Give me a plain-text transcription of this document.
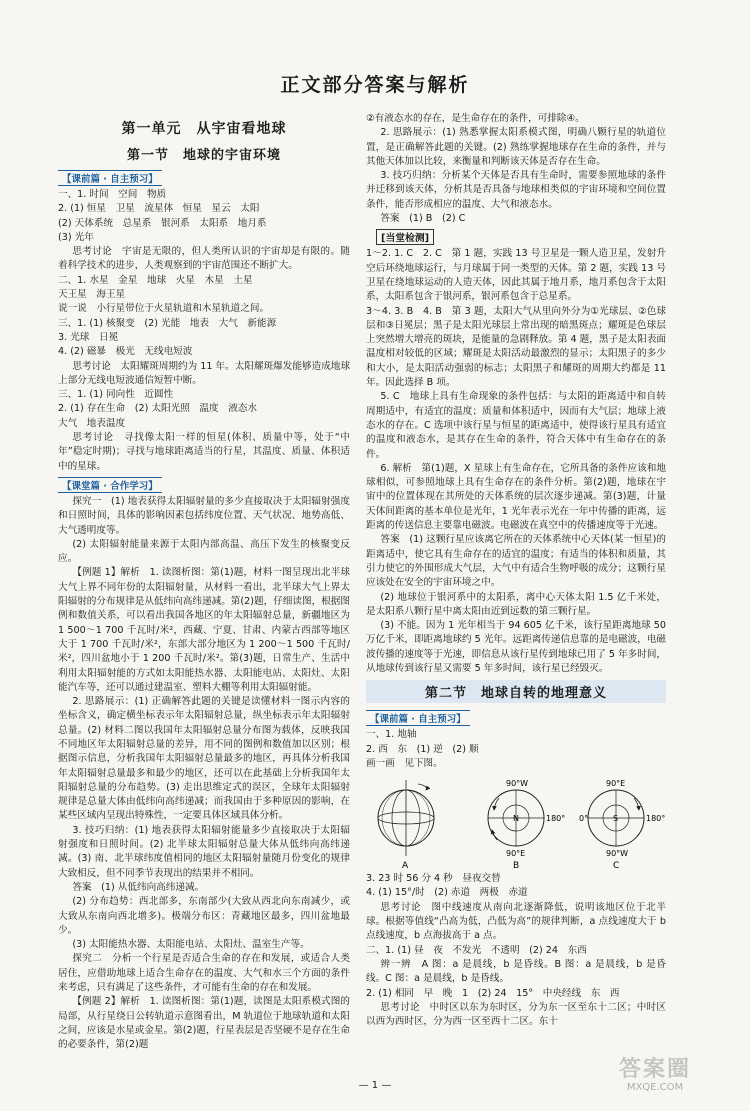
正文部分答案与解析
第一单元　从宇宙看地球
第一节　地球的宇宙环境
【课前篇 · 自主预习】

一、1. 时间　空间　物质

2. (1) 恒星　卫星　流星体　恒星　星云　太阳

(2) 天体系统　总星系　银河系　太阳系　地月系

(3) 光年

思考讨论　宇宙是无限的，但人类所认识的宇宙却是有限的。随着科学技术的进步，人类观察到的宇宙范围还不断扩大。

二、1. 水星　金星　地球　火星　木星　土星

天王星　海王星

说一说　小行星带位于火星轨道和木星轨道之间。

三、1. (1) 核聚变　(2) 光能　地表　大气　新能源

3. 光球　日冕

4. (2) 磁暴　极光　无线电短波

思考讨论　太阳耀斑周期约为 11 年。太阳耀斑爆发能够造成地球上部分无线电短波通信短暂中断。

三、1. (1) 同向性　近圆性

2. (1) 存在生命　(2) 太阳光照　温度　液态水

大气　地表温度

思考讨论　寻找像太阳一样的恒星(体积、质量中等，处于“中年”稳定时期)；寻找与地球距离适当的行星，其温度、质量、体积适中的星球。

【课堂篇 · 合作学习】

探究一　(1) 地表获得太阳辐射量的多少直接取决于太阳辐射强度和日照时间，具体的影响因素包括纬度位置、天气状况、地势高低、大气透明度等。

(2) 太阳辐射能量来源于太阳内部高温、高压下发生的核聚变反应。

【例题 1】解析　1. 读图析图：第(1)题，材料一图呈现出北半球大气上界不同年份的太阳辐射量，从材料一看出，北半球大气上界太阳辐射的分布规律是从低纬向高纬递减。第(2)题，仔细读图，根据图例和数值关系，可以看出我国各地区的年太阳辐射总量，新疆地区为 1 500～1 700 千瓦时/米²，西藏、宁夏、甘肃、内蒙古西部等地区大于 1 700 千瓦时/米²，东部大部分地区为 1 200～1 500 千瓦时/米²，四川盆地小于 1 200 千瓦时/米²。第(3)题，日常生产、生活中利用太阳辐射能的方式如太阳能热水器、太阳能电站、太阳灶、太阳能汽车等，还可以通过建温室、塑料大棚等利用太阳辐射能。

2. 思路展示：(1) 正确解答此题的关键是读懂材料一图示内容的坐标含义，确定横坐标表示年太阳辐射总量，纵坐标表示年太阳辐射总量。(2) 材料二图以我国年太阳辐射总量分布图为载体，反映我国不同地区年太阳辐射总量的差异，用不同的图例和数值加以区别；根据图示信息，分析我国年太阳辐射总量最多的地区，再具体分析我国年太阳辐射总量最多和最少的地区，还可以在此基础上分析我国年太阳辐射总量的分布趋势。(3) 走出思维定式的误区，全球年太阳辐射规律是总量大体由低纬向高纬递减；而我国由于多种原因的影响，在某些区域内呈现出特殊性，一定要具体区域具体分析。

3. 技巧归纳：(1) 地表获得太阳辐射能量多少直接取决于太阳辐射强度和日照时间。(2) 北半球太阳辐射总量大体从低纬向高纬递减。(3) 南、北半球纬度值相同的地区太阳辐射量随月份变化的规律大致相反，但不同季节表现出的结果并不相同。

答案　(1) 从低纬向高纬递减。

(2) 分布趋势：西北部多，东南部少(大致从西北向东南减少，或大致从东南向西北增多)。极端分布区：青藏地区最多，四川盆地最少。

(3) 太阳能热水器、太阳能电站、太阳灶、温室生产等。

探究二　分析一个行星是否适合生命的存在和发展，或适合人类居住，应借助地球上适合生命存在的温度、大气和水三个方面的条件来考虑，只有满足了这些条件，才可能有生命的存在和发展。

【例题 2】解析　1. 读图析图：第(1)题，读图是太阳系模式图的局部，从行星绕日公转轨道示意图看出，M 轨道位于地球轨道和太阳之间，应该是水星或金星。第(2)题，行星表层是否坚硬不是存在生命的必要条件，第(2)题

②有液态水的存在，是生命存在的条件，可排除④。

2. 思路展示：(1) 熟悉掌握太阳系模式图，明确八颗行星的轨道位置，是正确解答此题的关键。(2) 熟练掌握地球存在生命的条件，并与其他天体加以比较，来衡量和判断该天体是否存在生命。

3. 技巧归纳：分析某个天体是否具有生命时，需要参照地球的条件并迁移到该天体，分析其是否具备与地球相类似的宇宙环境和空间位置条件，能否形成相应的温度、大气和液态水。

答案　(1) B　(2) C

[当堂检测]

1～2. 1. C　2. C　第 1 题，实践 13 号卫星是一颗人造卫星，发射升空后环绕地球运行，与月球属于同一类型的天体。第 2 题，实践 13 号卫星在绕地球运动的人造天体，因此其属于地月系，地月系包含于太阳系，太阳系包含于银河系，银河系包含于总星系。

3～4. 3. B　4. B　第 3 题，太阳大气从里向外分为①光球层、②色球层和③日冕层；黑子是太阳光球层上常出现的暗黑斑点；耀斑是色球层上突然增大增亮的斑块，是能量的急剧释放。第 4 题，黑子是太阳表面温度相对较低的区域；耀斑是太阳活动最激烈的显示；太阳黑子的多少和大小，是太阳活动强弱的标志；太阳黑子和耀斑的周期大约都是 11 年。因此选择 B 项。

5. C　地球上具有生命现象的条件包括：与太阳的距离适中和自转周期适中，有适宜的温度；质量和体积适中，因而有大气层；地球上液态水的存在。C 选项中该行星与恒星的距离适中，使得该行星具有适宜的温度和液态水，是其存在生命的条件，符合天体中有生命存在的条件。

6. 解析　第(1)题，X 星球上有生命存在，它所具备的条件应该和地球相似，可参照地球上具有生命存在的条件分析。第(2)题，地球在宇宙中的位置体现在其所处的天体系统的层次逐步递减。第(3)题，计量天体间距离的基本单位是光年，1 光年表示光在一年中传播的距离，远距离的传送信息主要靠电磁波。电磁波在真空中的传播速度等于光速。

答案　(1) 这颗行星应该离它所在的天体系统中心天体(某一恒星)的距离适中，使它具有生命存在的适宜的温度；有适当的体积和质量，其引力使它的外围形成大气层，大气中有适合生物呼吸的成分；这颗行星应该处在安全的宇宙环境之中。

(2) 地球位于银河系中的太阳系，离中心天体太阳 1.5 亿千米处，是太阳系八颗行星中离太阳由近到远数的第三颗行星。

(3) 不能。因为 1 光年相当于 94 605 亿千米，该行星距离地球 50 万亿千米，即距离地球约 5 光年。远距离传递信息靠的是电磁波，电磁波传播的速度等于光速，即信息从该行星传到地球已用了 5 年多时间，从地球传到该行星又需要 5 年多时间，该行星已经毁灭。

第二节　地球自转的地理意义
【课前篇 · 自主预习】

一、1. 地轴

2. 西　东　(1) 逆　(2) 顺

画一画　见下图。

A
N
90°W
180°
90°E
B
S
90°E
180°
0°
90°W
C

3. 23 时 56 分 4 秒　昼夜交替

4. (1) 15°/时　(2) 赤道　两极　赤道

思考讨论　图中线速度从南向北逐渐降低，说明该地区位于北半球。根据等值线“凸高为低，凸低为高”的规律判断，a 点线速度大于 b 点线速度，b 点海拔高于 a 点。

二、1. (1) 昼　夜　不发光　不透明　(2) 24　东西

辨一辨　A 图：a 是晨线，b 是昏线。B 图：a 是晨线，b 是昏线。C 图：a 是晨线，b 是昏线。

2. (1) 相同　早　晚　1　(2) 24　15°　中央经线　东　西

思考讨论　中时区以东为东时区，分为东一区至东十二区；中时区以西为西时区，分为西一区至西十二区。东十

— 1 —
答案圈
MXQE.COM
